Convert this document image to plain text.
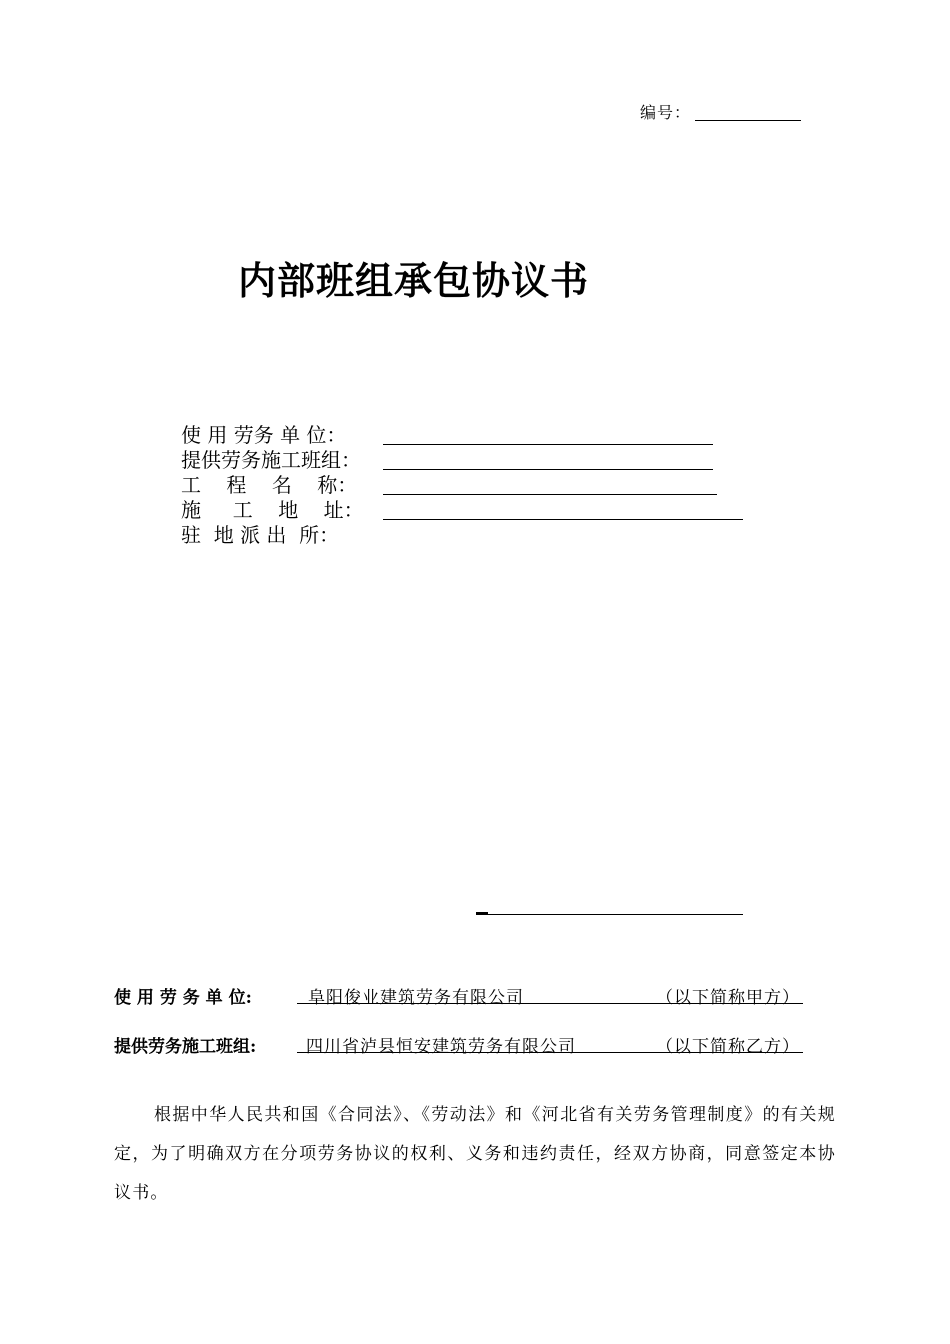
编号：
内部班组承包协议书
使 用 劳务 单 位：
提供劳务施工班组：
工    程    名    称：
施     工    地    址：
驻  地 派 出  所：
使 用 劳 务 单 位:	阜阳俊业建筑劳务有限公司	（以下简称甲方）
提供劳务施工班组:	四川省泸县恒安建筑劳务有限公司	（以下简称乙方）
根据中华人民共和国《合同法》、《劳动法》和《河北省有关劳务管理制度》的有关规定，为了明确双方在分项劳务协议的权利、义务和违约责任，经双方协商，同意签定本协议书。
